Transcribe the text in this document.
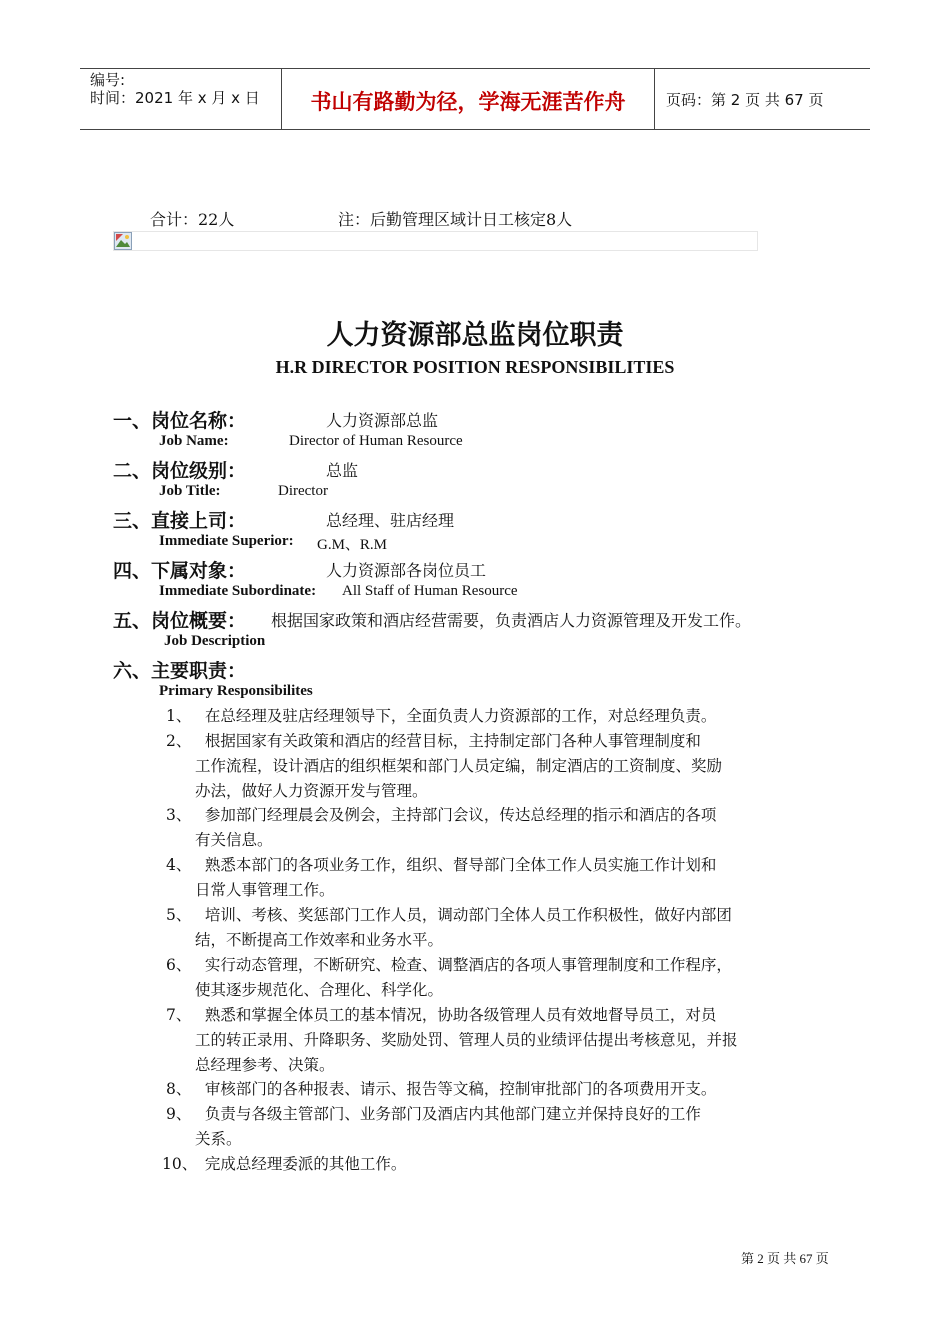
编号:
时间：2021 年 x 月 x 日	书山有路勤为径，学海无涯苦作舟	页码：第 2 页 共 67 页
合计：22人	注：后勤管理区域计日工核定8人
人力资源部总监岗位职责
H.R DIRECTOR POSITION RESPONSIBILITIES
一、岗位名称：	人力资源部总监
Job Name:	Director of Human Resource
二、岗位级别：	总监
Job Title:	Director
三、直接上司：	总经理、驻店经理
Immediate Superior: G.M、R.M
四、下属对象：	人力资源部各岗位员工
Immediate Subordinate: All Staff of Human Resource
五、岗位概要： 根据国家政策和酒店经营需要，负责酒店人力资源管理及开发工作。
Job Description
六、主要职责：
Primary Responsibilites
1、 在总经理及驻店经理领导下，全面负责人力资源部的工作，对总经理负责。
2、 根据国家有关政策和酒店的经营目标，主持制定部门各种人事管理制度和
工作流程，设计酒店的组织框架和部门人员定编，制定酒店的工资制度、奖励
办法，做好人力资源开发与管理。
3、 参加部门经理晨会及例会，主持部门会议，传达总经理的指示和酒店的各项
有关信息。
4、 熟悉本部门的各项业务工作，组织、督导部门全体工作人员实施工作计划和
日常人事管理工作。
5、 培训、考核、奖惩部门工作人员，调动部门全体人员工作积极性，做好内部团
结，不断提高工作效率和业务水平。
6、 实行动态管理，不断研究、检查、调整酒店的各项人事管理制度和工作程序，
使其逐步规范化、合理化、科学化。
7、 熟悉和掌握全体员工的基本情况，协助各级管理人员有效地督导员工，对员
工的转正录用、升降职务、奖励处罚、管理人员的业绩评估提出考核意见，并报
总经理参考、决策。
8、 审核部门的各种报表、请示、报告等文稿，控制审批部门的各项费用开支。
9、 负责与各级主管部门、业务部门及酒店内其他部门建立并保持良好的工作
关系。
10、
完成总经理委派的其他工作。
第 2 页 共 67 页
